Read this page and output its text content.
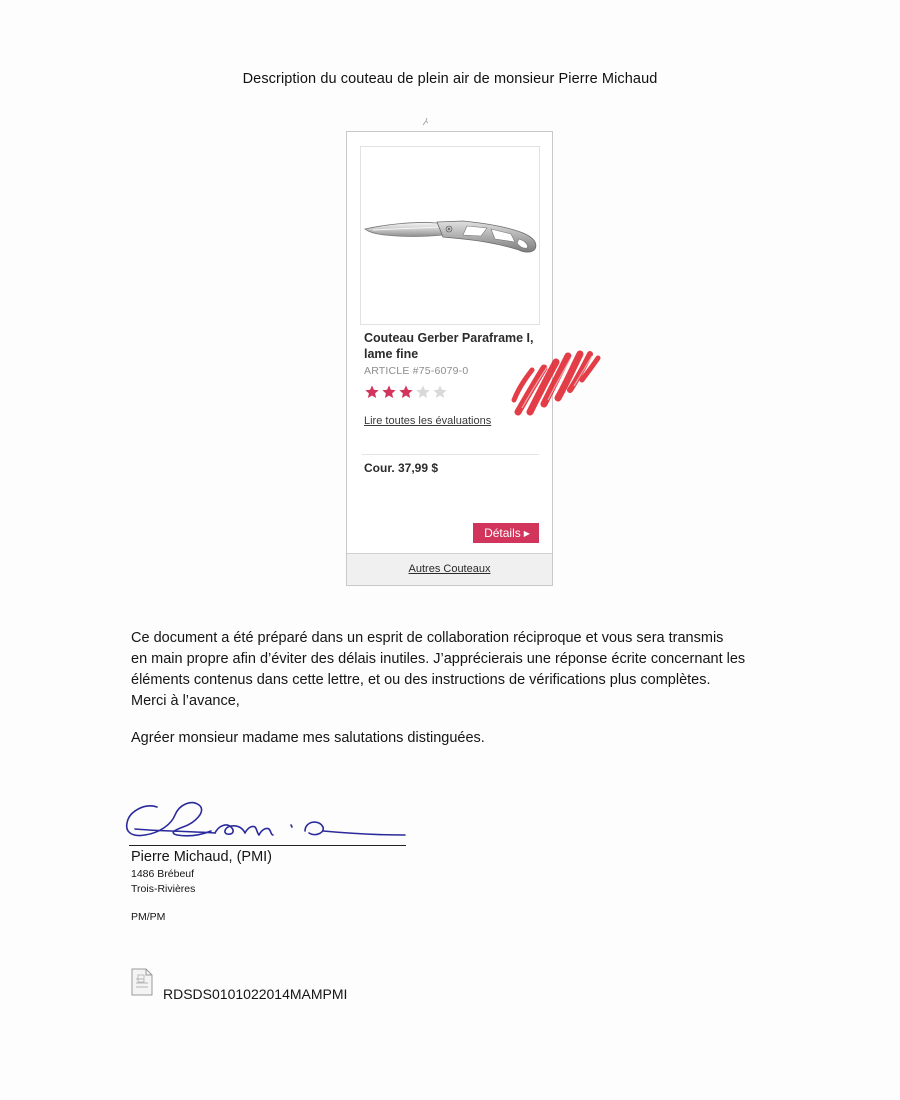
Description du couteau de plein air de monsieur Pierre Michaud
Couteau Gerber Paraframe I, lame fine
ARTICLE #75-6079-0
Lire toutes les évaluations
Cour. 37,99 $
Détails ▶
Autres Couteaux

Ce document a été préparé dans un esprit de collaboration réciproque et vous sera transmis

en main propre afin d’éviter des délais inutiles. J’apprécierais une réponse écrite concernant les

éléments contenus dans cette lettre, et ou des instructions de vérifications plus complètes.

Merci à l’avance,

Agréer monsieur madame mes salutations distinguées.
Pierre Michaud, (PMI)
1486 Brébeuf
Trois-Rivières
PM/PM
RDSDS0101022014MAMPMI
